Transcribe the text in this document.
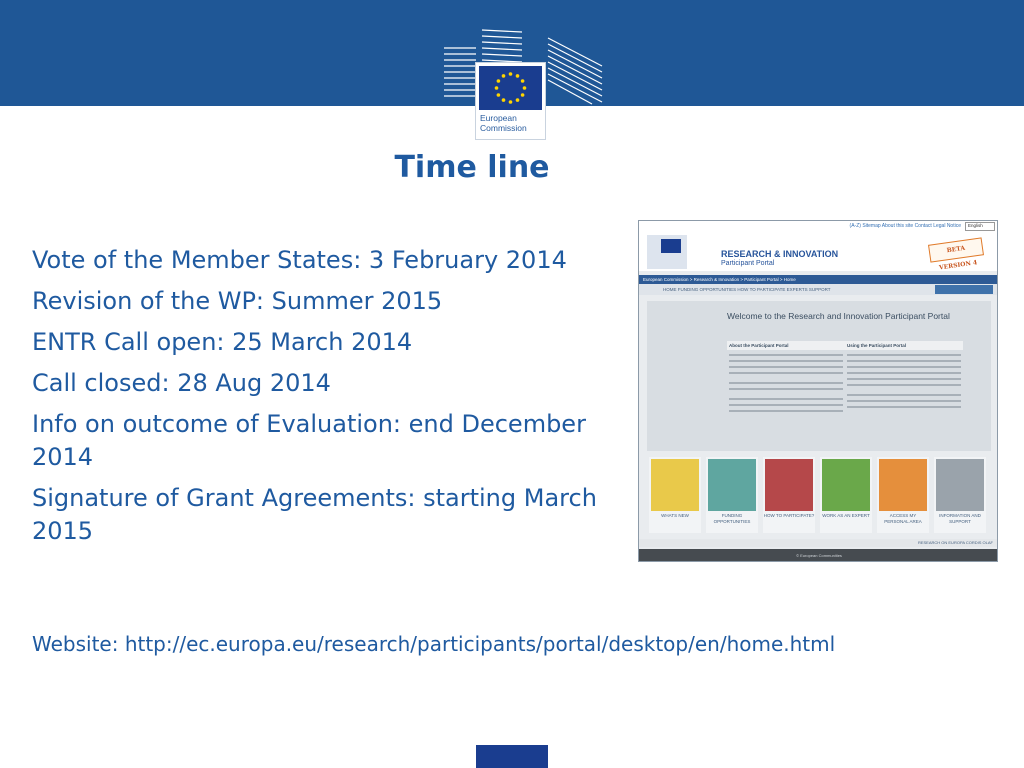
European
Commission
Time line
Vote of the Member States: 3 February 2014
Revision of the WP: Summer 2015
ENTR Call open: 25 March 2014
Call closed: 28 Aug 2014
Info on outcome of Evaluation: end December 2014
Signature of Grant Agreements: starting March 2015
Website: http://ec.europa.eu/research/participants/portal/desktop/en/home.html
(A-Z) Sitemap About this site Contact Legal Notice	English
RESEARCH & INNOVATION
Participant Portal
BETA VERSION 4
European Commission > Research & Innovation > Participant Portal > Home
HOME FUNDING OPPORTUNITIES HOW TO PARTICIPATE EXPERTS SUPPORT
Welcome to the Research and Innovation Participant Portal
About the Participant Portal	Using the Participant Portal
WHATS NEW	FUNDING OPPORTUNITIES
HOW TO PARTICIPATE?	WORK AS AN EXPERT	ACCESS MY PERSONAL AREA
INFORMATION AND SUPPORT
RESEARCH ON EUROPA CORDIS OLAF
© European Communities
